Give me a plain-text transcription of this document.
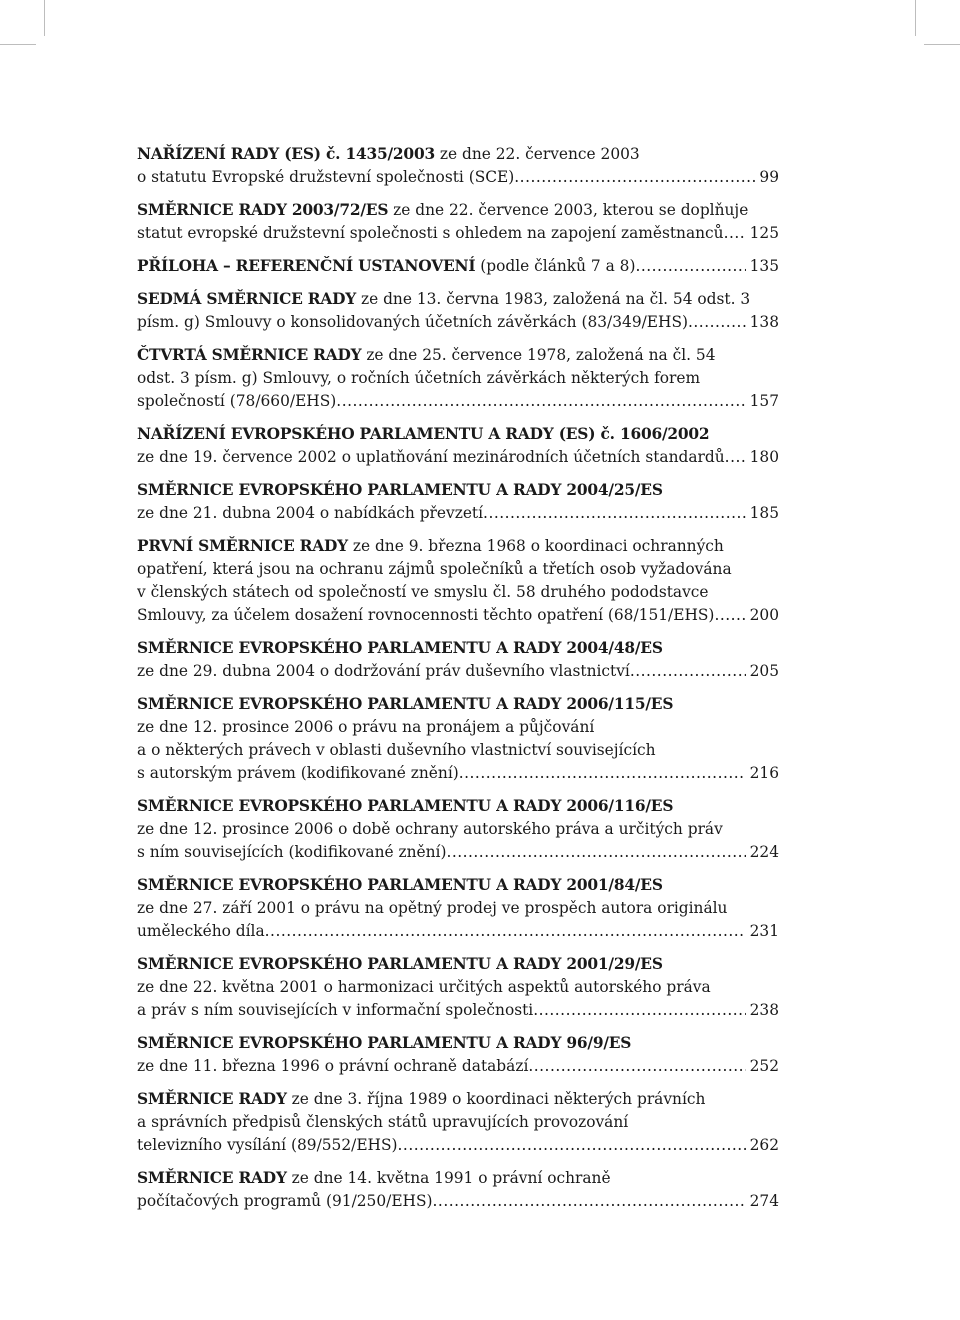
NAŘÍZENÍ RADY (ES) č. 1435/2003 ze dne 22. července 2003
o statutu Evropské družstevní společnosti (SCE) .....	99
SMĚRNICE RADY 2003/72/ES ze dne 22. července 2003, kterou se doplňuje
statut evropské družstevní společnosti s ohledem na zapojení zaměstnanců ..... 125
PŘÍLOHA – REFERENČNÍ USTANOVENÍ (podle článků 7 a 8) .....	135
SEDMÁ SMĚRNICE RADY ze dne 13. června 1983, založená na čl. 54 odst. 3
písm. g) Smlouvy o konsolidovaných účetních závěrkách (83/349/EHS) .....	138
ČTVRTÁ SMĚRNICE RADY ze dne 25. července 1978, založená na čl. 54
odst. 3 písm. g) Smlouvy, o ročních účetních závěrkách některých forem
společností (78/660/EHS) .....	157
NAŘÍZENÍ EVROPSKÉHO PARLAMENTU A RADY (ES) č. 1606/2002
ze dne 19. července 2002 o uplatňování mezinárodních účetních standardů ..... 180
SMĚRNICE EVROPSKÉHO PARLAMENTU A RADY 2004/25/ES
ze dne 21. dubna 2004 o nabídkách převzetí .....	185
PRVNÍ SMĚRNICE RADY ze dne 9. března 1968 o koordinaci ochranných
opatření, která jsou na ochranu zájmů společníků a třetích osob vyžadována
v členských státech od společností ve smyslu čl. 58 druhého pododstavce
Smlouvy, za účelem dosažení rovnocennosti těchto opatření (68/151/EHS) ..... 200
SMĚRNICE EVROPSKÉHO PARLAMENTU A RADY 2004/48/ES
ze dne 29. dubna 2004 o dodržování práv duševního vlastnictví .....	205
SMĚRNICE EVROPSKÉHO PARLAMENTU A RADY 2006/115/ES
ze dne 12. prosince 2006 o právu na pronájem a půjčování
a o některých právech v oblasti duševního vlastnictví souvisejících
s autorským právem (kodifikované znění) .....	216
SMĚRNICE EVROPSKÉHO PARLAMENTU A RADY 2006/116/ES
ze dne 12. prosince 2006 o době ochrany autorského práva a určitých práv
s ním souvisejících (kodifikované znění) .....	224
SMĚRNICE EVROPSKÉHO PARLAMENTU A RADY 2001/84/ES
ze dne 27. září 2001 o právu na opětný prodej ve prospěch autora originálu
uměleckého díla .....	231
SMĚRNICE EVROPSKÉHO PARLAMENTU A RADY 2001/29/ES
ze dne 22. května 2001 o harmonizaci určitých aspektů autorského práva
a práv s ním souvisejících v informační společnosti .....	238
SMĚRNICE EVROPSKÉHO PARLAMENTU A RADY 96/9/ES
ze dne 11. března 1996 o právní ochraně databází .....	252
SMĚRNICE RADY ze dne 3. října 1989 o koordinaci některých právních
a správních předpisů členských států upravujících provozování
televizního vysílání (89/552/EHS) .....	262
SMĚRNICE RADY ze dne 14. května 1991 o právní ochraně
počítačových programů (91/250/EHS) .....	274
